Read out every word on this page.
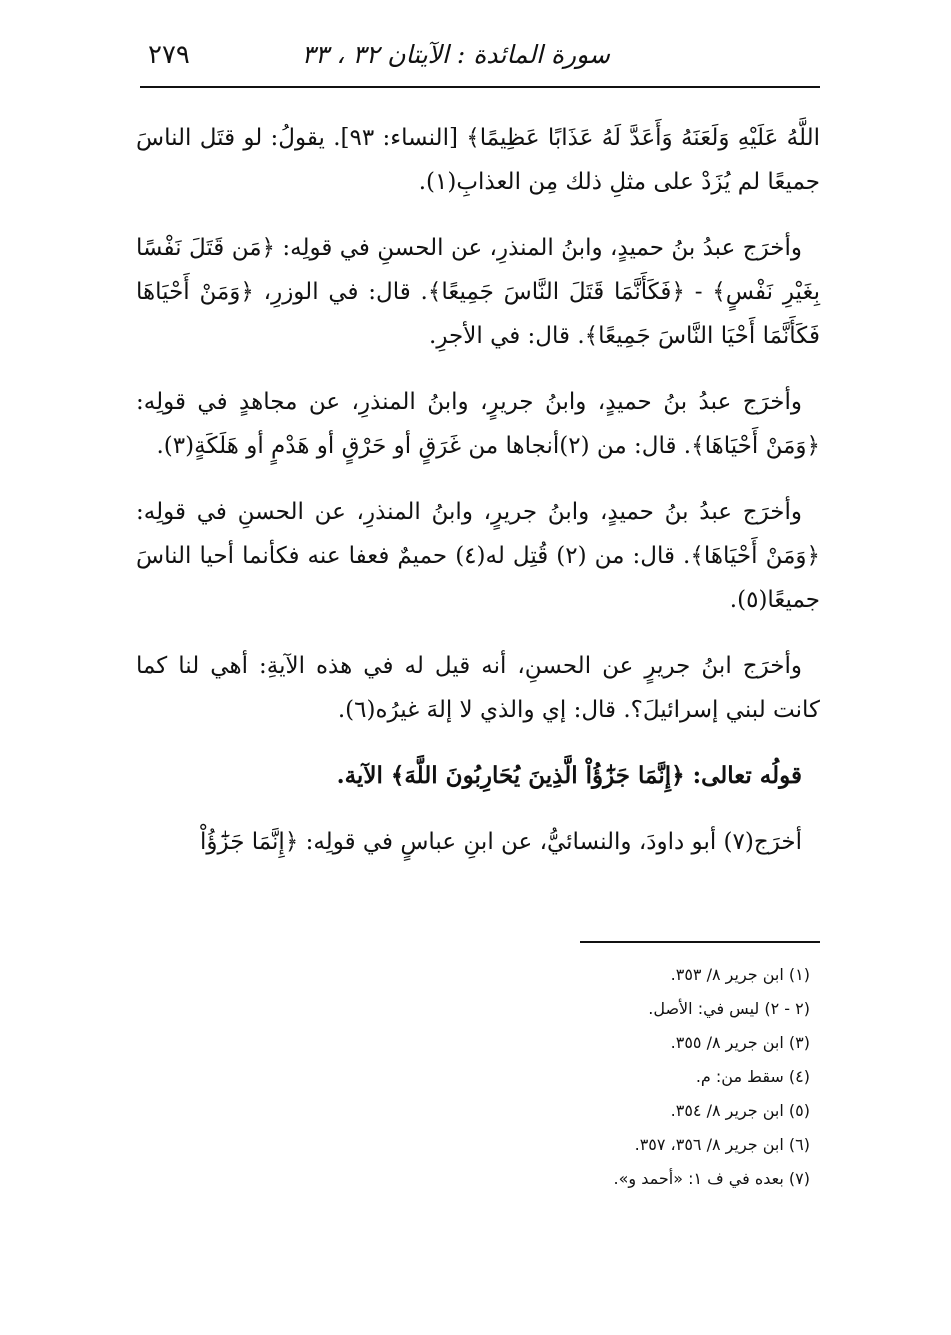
٢٧٩	سورة المائدة : الآيتان ٣٢ ، ٣٣

اللَّهُ عَلَيْهِ وَلَعَنَهُ وَأَعَدَّ لَهُ عَذَابًا عَظِيمًا﴾ [النساء: ٩٣]. يقولُ: لو قتَل الناسَ جميعًا لم يُزَدْ على مثلِ ذلك مِن العذابِ(١).

وأخرَج عبدُ بنُ حميدٍ، وابنُ المنذرِ، عن الحسنِ في قولِه: ﴿مَن قَتَلَ نَفْسًا بِغَيْرِ نَفْسٍ﴾ - ﴿فَكَأَنَّمَا قَتَلَ النَّاسَ جَمِيعًا﴾. قال: في الوزرِ، ﴿وَمَنْ أَحْيَاهَا فَكَأَنَّمَا أَحْيَا النَّاسَ جَمِيعًا﴾. قال: في الأجرِ.

وأخرَج عبدُ بنُ حميدٍ، وابنُ جريرٍ، وابنُ المنذرِ، عن مجاهدٍ في قولِه: ﴿وَمَنْ أَحْيَاهَا﴾. قال: من (٢)أنجاها من غَرَقٍ أو حَرْقٍ أو هَدْمٍ أو هَلَكَةٍ(٣).

وأخرَج عبدُ بنُ حميدٍ، وابنُ جريرٍ، وابنُ المنذرِ، عن الحسنِ في قولِه: ﴿وَمَنْ أَحْيَاهَا﴾. قال: من (٢) قُتِل له(٤) حميمٌ فعفا عنه فكأنما أحيا الناسَ جميعًا(٥).

وأخرَج ابنُ جريرٍ عن الحسنِ، أنه قيل له في هذه الآيةِ: أهي لنا كما كانت لبني إسرائيلَ؟. قال: إي والذي لا إلهَ غيرُه(٦).

قولُه تعالى: ﴿إِنَّمَا جَزَٰٓؤُاْ الَّذِينَ يُحَارِبُونَ اللَّهَ﴾ الآية.

أخرَج(٧) أبو داودَ، والنسائيُّ، عن ابنِ عباسٍ في قولِه: ﴿إِنَّمَا جَزَٰٓؤُاْ

(١) ابن جرير ٨/ ٣٥٣.
(٢ - ٢) ليس في: الأصل.
(٣) ابن جرير ٨/ ٣٥٥.
(٤) سقط من: م.
(٥) ابن جرير ٨/ ٣٥٤.
(٦) ابن جرير ٨/ ٣٥٦، ٣٥٧.
(٧) بعده في ف ١: «أحمد و».
